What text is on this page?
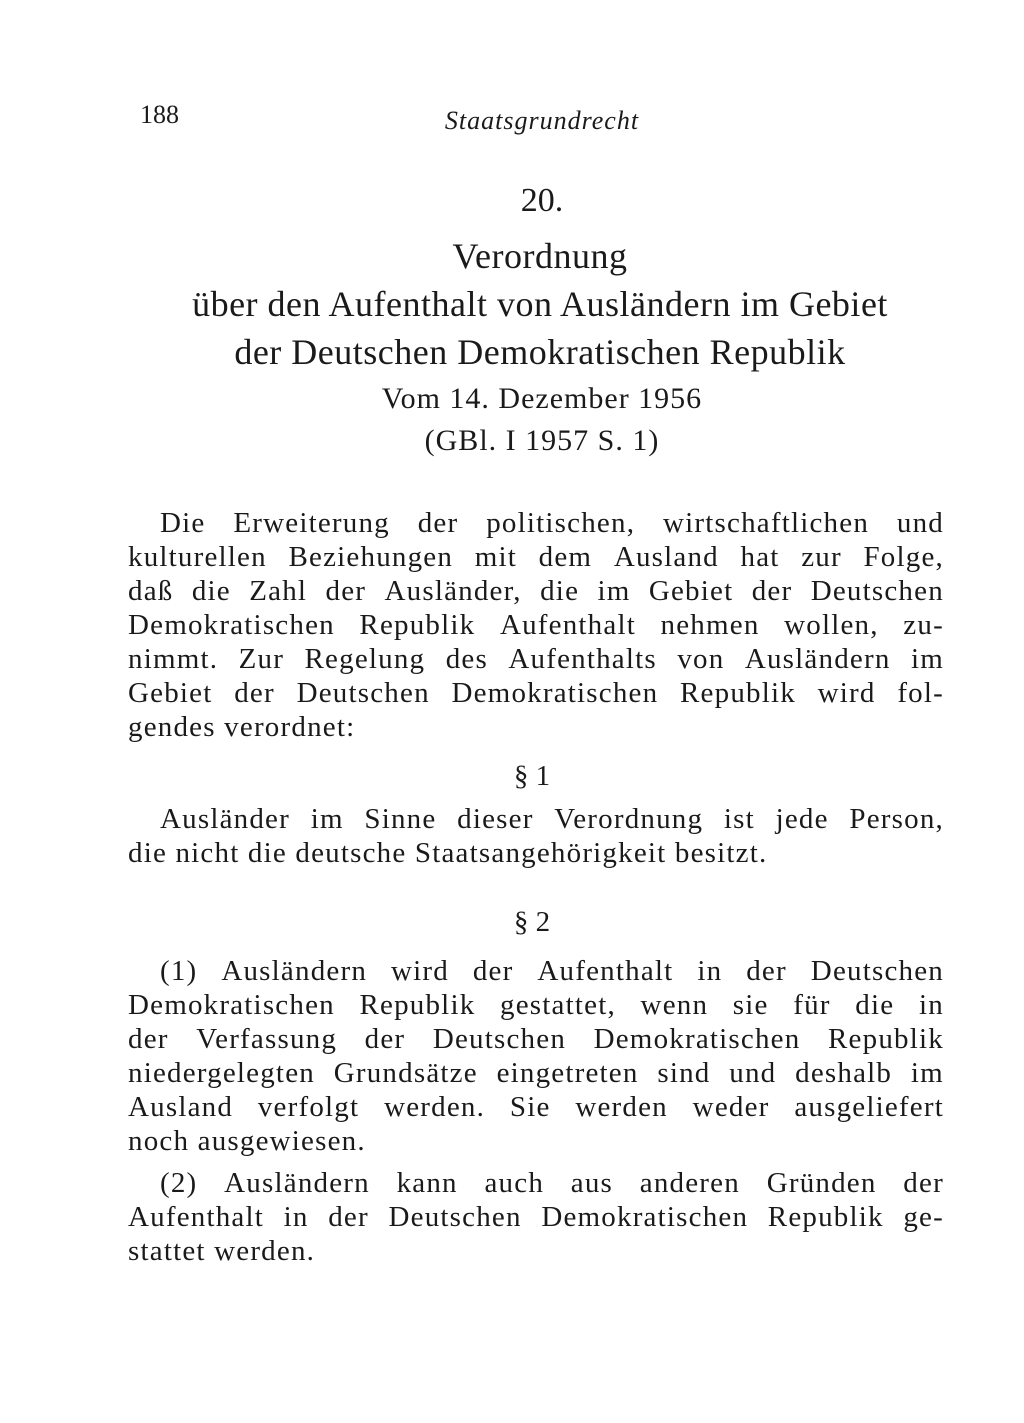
188	Staatsgrundrecht
20.
Verordnung
über den Aufenthalt von Ausländern im Gebiet
der Deutschen Demokratischen Republik
Vom 14. Dezember 1956
(GBl. I 1957 S. 1)
Die Erweiterung der politischen, wirtschaftlichen und
kulturellen Beziehungen mit dem Ausland hat zur Folge,
daß die Zahl der Ausländer, die im Gebiet der Deutschen
Demokratischen Republik Aufenthalt nehmen wollen, zu-
nimmt. Zur Regelung des Aufenthalts von Ausländern im
Gebiet der Deutschen Demokratischen Republik wird fol-
gendes verordnet:
§ 1
Ausländer im Sinne dieser Verordnung ist jede Person,
die nicht die deutsche Staatsangehörigkeit besitzt.
§ 2
(1) Ausländern wird der Aufenthalt in der Deutschen
Demokratischen Republik gestattet, wenn sie für die in
der Verfassung der Deutschen Demokratischen Republik
niedergelegten Grundsätze eingetreten sind und deshalb im
Ausland verfolgt werden. Sie werden weder ausgeliefert
noch ausgewiesen.
(2) Ausländern kann auch aus anderen Gründen der
Aufenthalt in der Deutschen Demokratischen Republik ge-
stattet werden.
